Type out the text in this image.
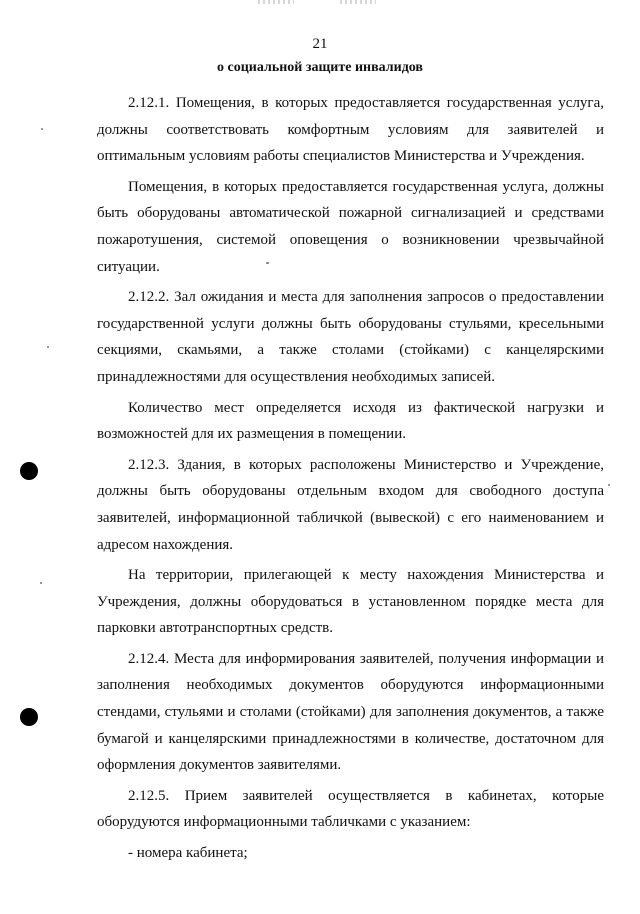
21
о социальной защите инвалидов

2.12.1. Помещения, в которых предоставляется государственная услуга, должны соответствовать комфортным условиям для заявителей и оптимальным условиям работы специалистов Министерства и Учреждения.

Помещения, в которых предоставляется государственная услуга, должны быть оборудованы автоматической пожарной сигнализацией и средствами пожаротушения, системой оповещения о возникновении чрезвычайной ситуации.

2.12.2. Зал ожидания и места для заполнения запросов о предоставлении государственной услуги должны быть оборудованы стульями, кресельными секциями, скамьями, а также столами (стойками) с канцелярскими принадлежностями для осуществления необходимых записей.

Количество мест определяется исходя из фактической нагрузки и возможностей для их размещения в помещении.

2.12.3. Здания, в которых расположены Министерство и Учреждение, должны быть оборудованы отдельным входом для свободного доступа заявителей, информационной табличкой (вывеской) с его наименованием и адресом нахождения.

На территории, прилегающей к месту нахождения Министерства и Учреждения, должны оборудоваться в установленном порядке места для парковки автотранспортных средств.

2.12.4. Места для информирования заявителей, получения информации и заполнения необходимых документов оборудуются информационными стендами, стульями и столами (стойками) для заполнения документов, а также бумагой и канцелярскими принадлежностями в количестве, достаточном для оформления документов заявителями.

2.12.5. Прием заявителей осуществляется в кабинетах, которые оборудуются информационными табличками с указанием:

- номера кабинета;
